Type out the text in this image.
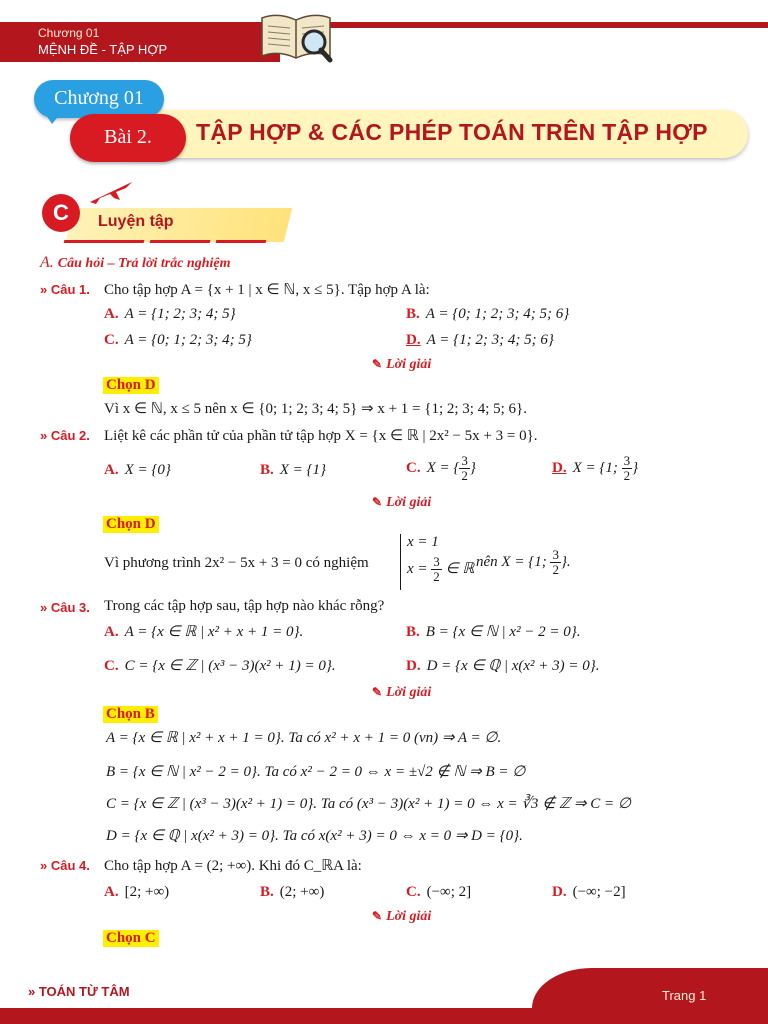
Chương 01
MỆNH ĐỀ - TẬP HỢP
Chương 01
Bài 2.	TẬP HỢP & CÁC PHÉP TOÁN TRÊN TẬP HỢP
C	Luyện tập
A. Câu hỏi – Trả lời trắc nghiệm
» Câu 1. Cho tập hợp A = {x + 1 | x ∈ ℕ, x ≤ 5}. Tập hợp A là:
A. A = {1; 2; 3; 4; 5}	B. A = {0; 1; 2; 3; 4; 5; 6}
C. A = {0; 1; 2; 3; 4; 5}	D. A = {1; 2; 3; 4; 5; 6}
✎ Lời giải
Chọn D
Vì x ∈ ℕ, x ≤ 5 nên x ∈ {0; 1; 2; 3; 4; 5} ⇒ x + 1 = {1; 2; 3; 4; 5; 6}.
» Câu 2. Liệt kê các phần tử của phần tử tập hợp X = {x ∈ ℝ | 2x² − 5x + 3 = 0}.
A. X = {0}	B. X = {1}	C. X = { $\frac{3}{2}$ }	D. X = {1; $\frac{3}{2}$ }
✎ Lời giải
Chọn D
Vì phương trình 2x² − 5x + 3 = 0 có nghiệm
x = 1
$x = \frac{3}{2}$ ∈ ℝ nên X = {1; $\frac{3}{2}$ }.
» Câu 3. Trong các tập hợp sau, tập hợp nào khác rỗng?
A. A = {x ∈ ℝ | x² + x + 1 = 0}.	B. B = {x ∈ ℕ | x² − 2 = 0}.
C. C = {x ∈ ℤ | (x³ − 3)(x² + 1) = 0}.	D. D = {x ∈ ℚ | x(x² + 3) = 0}.
✎ Lời giải
Chọn B
A = {x ∈ ℝ | x² + x + 1 = 0}. Ta có x² + x + 1 = 0 (vn) ⇒ A = ∅.
B = {x ∈ ℕ | x² − 2 = 0}. Ta có x² − 2 = 0 ⇔ x = ±√2 ∉ ℕ ⇒ B = ∅
C = {x ∈ ℤ | (x³ − 3)(x² + 1) = 0}. Ta có (x³ − 3)(x² + 1) = 0 ⇔ x = ∛3 ∉ ℤ ⇒ C = ∅
D = {x ∈ ℚ | x(x² + 3) = 0}. Ta có x(x² + 3) = 0 ⇔ x = 0 ⇒ D = {0}.
» Câu 4. Cho tập hợp A = (2; +∞). Khi đó C_ℝA là:
A. [2; +∞)	B. (2; +∞)	C. (−∞; 2]	D. (−∞; −2]
✎ Lời giải
Chọn C
» TOÁN TỪ TÂM	Trang 1
